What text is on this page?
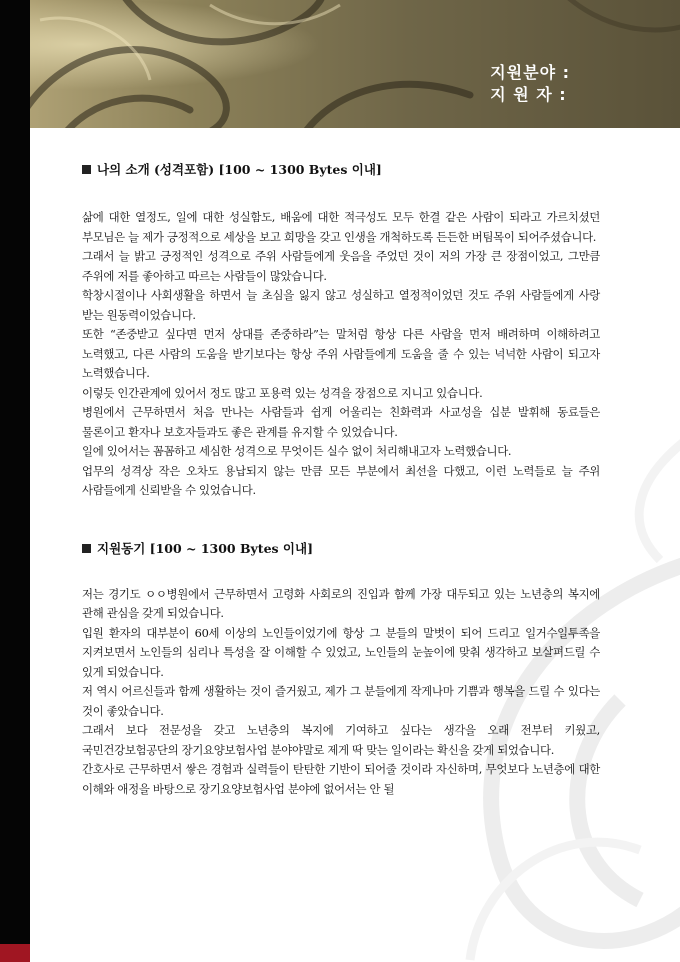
지원분야 :
지 원 자 :
나의 소개 (성격포함) [100 ~ 1300 Bytes 이내]

삶에 대한 열정도, 일에 대한 성실함도, 배움에 대한 적극성도 모두 한결 같은 사람이 되라고 가르치셨던 부모님은 늘 제가 긍정적으로 세상을 보고 희망을 갖고 인생을 개척하도록 든든한 버팀목이 되어주셨습니다.

그래서 늘 밝고 긍정적인 성격으로 주위 사람들에게 웃음을 주었던 것이 저의 가장 큰 장점이었고, 그만큼 주위에 저를 좋아하고 따르는 사람들이 많았습니다.

학창시절이나 사회생활을 하면서 늘 초심을 잃지 않고 성실하고 열정적이었던 것도 주위 사람들에게 사랑 받는 원동력이었습니다.

또한 “존중받고 싶다면 먼저 상대를 존중하라”는 말처럼 항상 다른 사람을 먼저 배려하며 이해하려고 노력했고, 다른 사람의 도움을 받기보다는 항상 주위 사람들에게 도움을 줄 수 있는 넉넉한 사람이 되고자 노력했습니다.

이렇듯 인간관계에 있어서 정도 많고 포용력 있는 성격을 장점으로 지니고 있습니다.

병원에서 근무하면서 처음 만나는 사람들과 쉽게 어울리는 친화력과 사교성을 십분 발휘해 동료들은 물론이고 환자나 보호자들과도 좋은 관계를 유지할 수 있었습니다.

일에 있어서는 꼼꼼하고 세심한 성격으로 무엇이든 실수 없이 처리해내고자 노력했습니다.

업무의 성격상 작은 오차도 용납되지 않는 만큼 모든 부분에서 최선을 다했고, 이런 노력들로 늘 주위 사람들에게 신뢰받을 수 있었습니다.

지원동기 [100 ~ 1300 Bytes 이내]

저는 경기도 ㅇㅇ병원에서 근무하면서 고령화 사회로의 진입과 함께 가장 대두되고 있는 노년층의 복지에 관해 관심을 갖게 되었습니다.

입원 환자의 대부분이 60세 이상의 노인들이었기에 항상 그 분들의 말벗이 되어 드리고 일거수일투족을 지켜보면서 노인들의 심리나 특성을 잘 이해할 수 있었고, 노인들의 눈높이에 맞춰 생각하고 보살펴드릴 수 있게 되었습니다.

저 역시 어르신들과 함께 생활하는 것이 즐거웠고, 제가 그 분들에게 작게나마 기쁨과 행복을 드릴 수 있다는 것이 좋았습니다.

그래서 보다 전문성을 갖고 노년층의 복지에 기여하고 싶다는 생각을 오래 전부터 키웠고, 국민건강보험공단의 장기요양보험사업 분야야말로 제게 딱 맞는 일이라는 확신을 갖게 되었습니다.

간호사로 근무하면서 쌓은 경험과 실력들이 탄탄한 기반이 되어줄 것이라 자신하며, 무엇보다 노년층에 대한 이해와 애정을 바탕으로 장기요양보험사업 분야에 없어서는 안 될
